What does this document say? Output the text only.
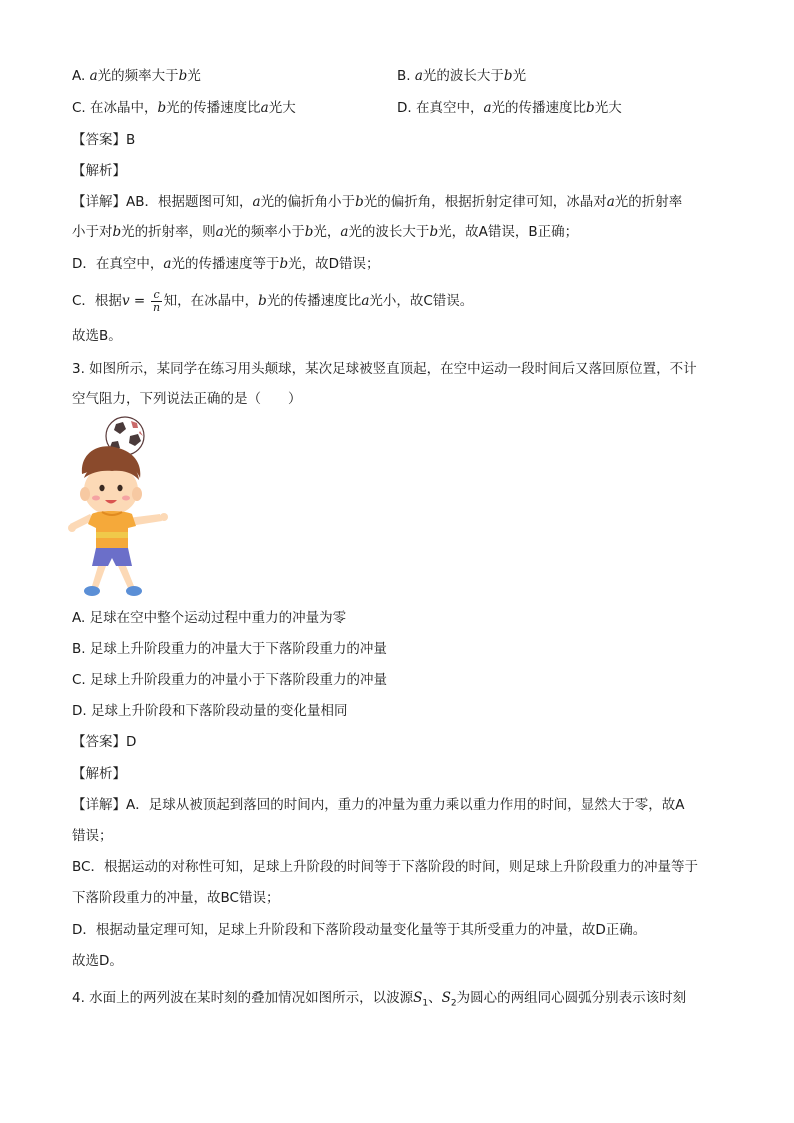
A. a光的频率大于b光	B. a光的波长大于b光
C. 在冰晶中，b光的传播速度比a光大	D. 在真空中，a光的传播速度比b光大
【答案】B
【解析】
【详解】AB．根据题图可知，a光的偏折角小于b光的偏折角，根据折射定律可知，冰晶对a光的折射率
小于对b光的折射率，则a光的频率小于b光，a光的波长大于b光，故A错误，B正确；
D．在真空中，a光的传播速度等于b光，故D错误；
C．根据$v = \frac{c}{n}$ 知，在冰晶中，b光的传播速度比a光小，故C错误。
故选B。
3. 如图所示，某同学在练习用头颠球，某次足球被竖直顶起，在空中运动一段时间后又落回原位置，不计
空气阻力，下列说法正确的是（　　）
A. 足球在空中整个运动过程中重力的冲量为零
B. 足球上升阶段重力的冲量大于下落阶段重力的冲量
C. 足球上升阶段重力的冲量小于下落阶段重力的冲量
D. 足球上升阶段和下落阶段动量的变化量相同
【答案】D
【解析】
【详解】A．足球从被顶起到落回的时间内，重力的冲量为重力乘以重力作用的时间，显然大于零，故A
错误；
BC．根据运动的对称性可知，足球上升阶段的时间等于下落阶段的时间，则足球上升阶段重力的冲量等于
下落阶段重力的冲量，故BC错误；
D．根据动量定理可知，足球上升阶段和下落阶段动量变化量等于其所受重力的冲量，故D正确。
故选D。
4. 水面上的两列波在某时刻的叠加情况如图所示，以波源$S_1$、$S_2$为圆心的两组同心圆弧分别表示该时刻
